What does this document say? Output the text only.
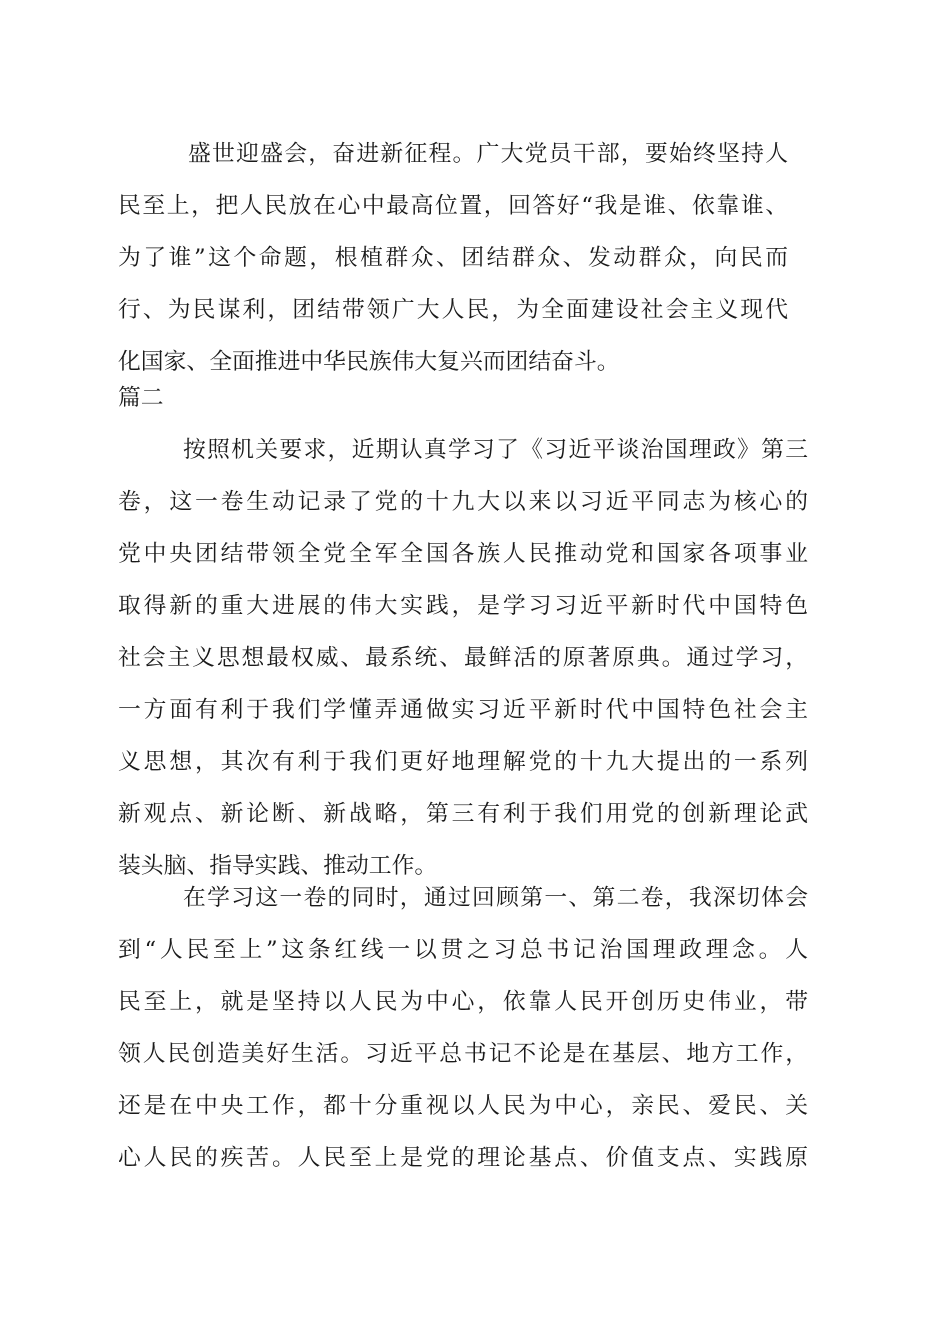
盛世迎盛会，奋进新征程。广大党员干部，要始终坚持人
民至上，把人民放在心中最高位置，回答好“我是谁、依靠谁、
为了谁”这个命题，根植群众、团结群众、发动群众，向民而
行、为民谋利，团结带领广大人民，为全面建设社会主义现代
化国家、全面推进中华民族伟大复兴而团结奋斗。
篇二
按照机关要求，近期认真学习了《习近平谈治国理政》第三
卷，这一卷生动记录了党的十九大以来以习近平同志为核心的
党中央团结带领全党全军全国各族人民推动党和国家各项事业
取得新的重大进展的伟大实践，是学习习近平新时代中国特色
社会主义思想最权威、最系统、最鲜活的原著原典。通过学习，
一方面有利于我们学懂弄通做实习近平新时代中国特色社会主
义思想，其次有利于我们更好地理解党的十九大提出的一系列
新观点、新论断、新战略，第三有利于我们用党的创新理论武
装头脑、指导实践、推动工作。
在学习这一卷的同时，通过回顾第一、第二卷，我深切体会
到“人民至上”这条红线一以贯之习总书记治国理政理念。人
民至上，就是坚持以人民为中心，依靠人民开创历史伟业，带
领人民创造美好生活。习近平总书记不论是在基层、地方工作，
还是在中央工作，都十分重视以人民为中心，亲民、爱民、关
心人民的疾苦。人民至上是党的理论基点、价值支点、实践原
